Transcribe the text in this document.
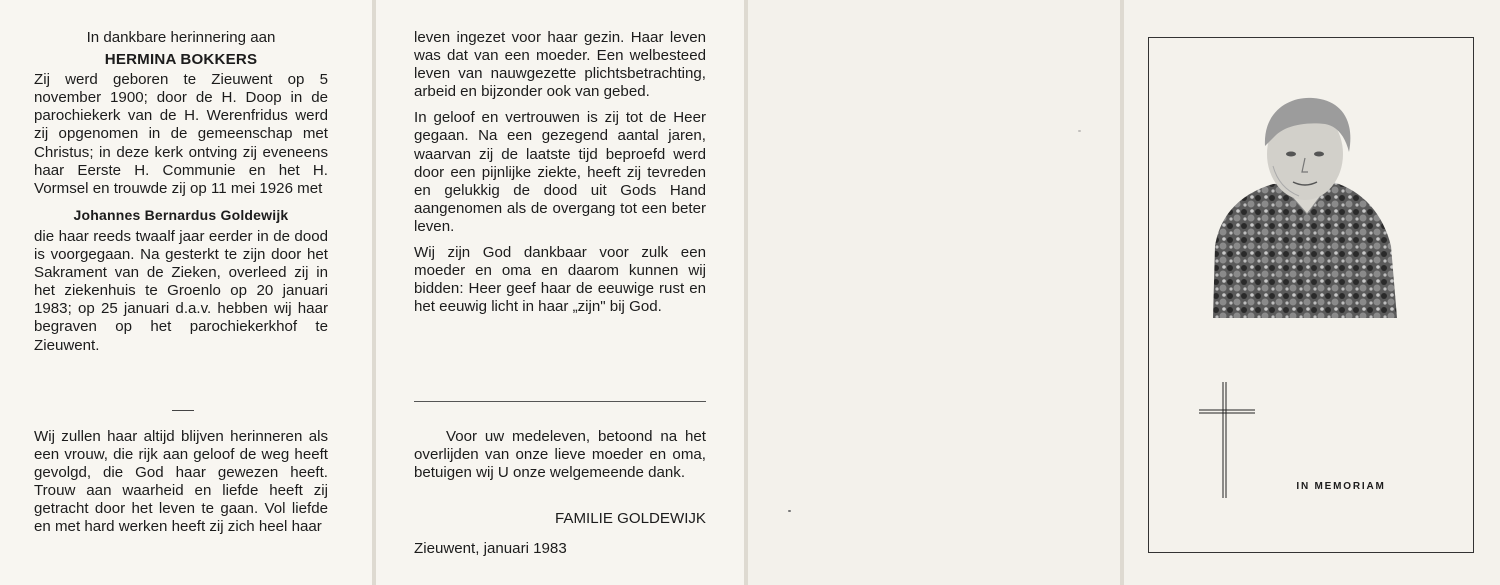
In dankbare herinnering aan
HERMINA BOKKERS
Zij werd geboren te Zieuwent op 5 november 1900; door de H. Doop in de parochiekerk van de H. Werenfridus werd zij opgenomen in de gemeenschap met Christus; in deze kerk ontving zij eveneens haar Eerste H. Communie en het H. Vormsel en trouwde zij op 11 mei 1926 met
Johannes Bernardus Goldewijk
die haar reeds twaalf jaar eerder in de dood is voorgegaan. Na gesterkt te zijn door het Sakrament van de Zieken, overleed zij in het ziekenhuis te Groenlo op 20 januari 1983; op 25 januari d.a.v. hebben wij haar begraven op het parochiekerkhof te Zieuwent.
Wij zullen haar altijd blijven herinneren als een vrouw, die rijk aan geloof de weg heeft gevolgd, die God haar gewezen heeft. Trouw aan waarheid en liefde heeft zij getracht door het leven te gaan. Vol liefde en met hard werken heeft zij zich heel haar
leven ingezet voor haar gezin. Haar leven was dat van een moeder. Een welbesteed leven van nauwgezette plichtsbetrachting, arbeid en bijzonder ook van gebed.
In geloof en vertrouwen is zij tot de Heer gegaan. Na een gezegend aantal jaren, waarvan zij de laatste tijd beproefd werd door een pijnlijke ziekte, heeft zij tevreden en gelukkig de dood uit Gods Hand aangenomen als de overgang tot een beter leven.
Wij zijn God dankbaar voor zulk een moeder en oma en daarom kunnen wij bidden: Heer geef haar de eeuwige rust en het eeuwig licht in haar „zijn" bij God.
Voor uw medeleven, betoond na het overlijden van onze lieve moeder en oma, betuigen wij U onze welgemeende dank.
FAMILIE GOLDEWIJK
Zieuwent, januari 1983
IN MEMORIAM
